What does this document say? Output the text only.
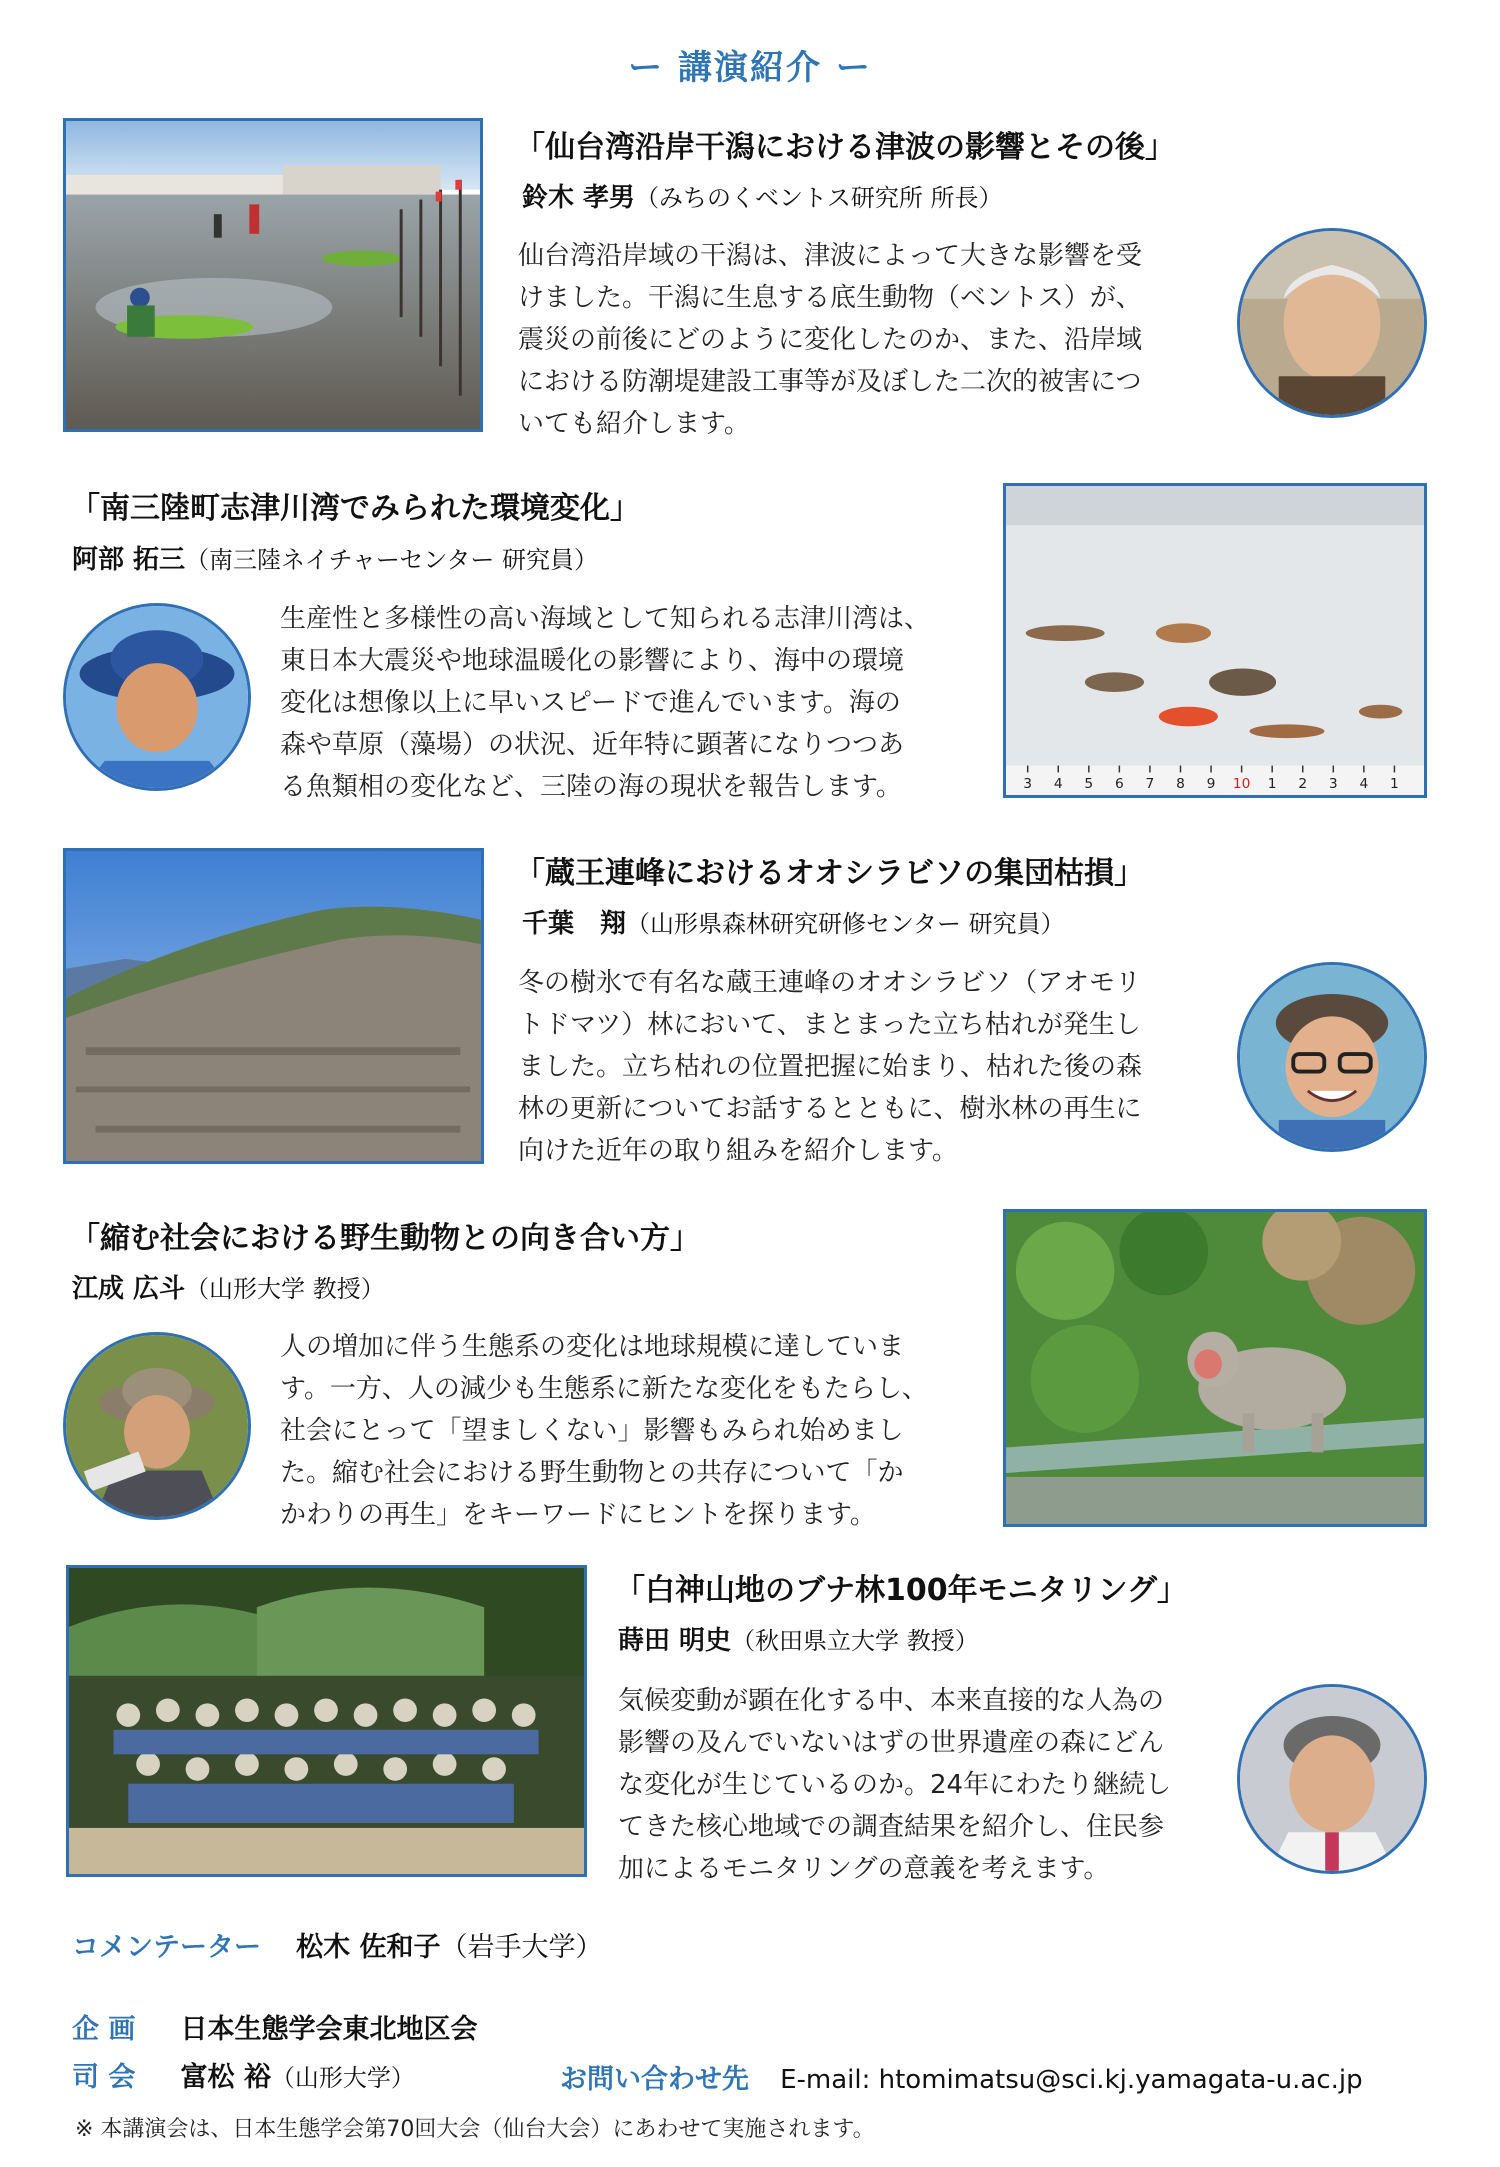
ー 講演紹介 ー
「仙台湾沿岸干潟における津波の影響とその後」
鈴木 孝男（みちのくベントス研究所 所長）
仙台湾沿岸域の干潟は、津波によって大きな影響を受
けました。干潟に生息する底生動物（ベントス）が、
震災の前後にどのように変化したのか、また、沿岸域
における防潮堤建設工事等が及ぼした二次的被害につ
いても紹介します。
「南三陸町志津川湾でみられた環境変化」
阿部 拓三（南三陸ネイチャーセンター 研究員）
生産性と多様性の高い海域として知られる志津川湾は、
東日本大震災や地球温暖化の影響により、海中の環境
変化は想像以上に早いスピードで進んでいます。海の
森や草原（藻場）の状況、近年特に顕著になりつつあ
る魚類相の変化など、三陸の海の現状を報告します。	3 4 5 6 7 8 9 10 1 2 3 4 1
「蔵王連峰におけるオオシラビソの集団枯損」
千葉　翔（山形県森林研究研修センター 研究員）
冬の樹氷で有名な蔵王連峰のオオシラビソ（アオモリ
トドマツ）林において、まとまった立ち枯れが発生し
ました。立ち枯れの位置把握に始まり、枯れた後の森
林の更新についてお話するとともに、樹氷林の再生に
向けた近年の取り組みを紹介します。
「縮む社会における野生動物との向き合い方」
江成 広斗（山形大学 教授）
人の増加に伴う生態系の変化は地球規模に達していま
す。一方、人の減少も生態系に新たな変化をもたらし、
社会にとって「望ましくない」影響もみられ始めまし
た。縮む社会における野生動物との共存について「か
かわりの再生」をキーワードにヒントを探ります。
「白神山地のブナ林100年モニタリング」
蒔田 明史（秋田県立大学 教授）
気候変動が顕在化する中、本来直接的な人為の
影響の及んでいないはずの世界遺産の森にどん
な変化が生じているのか。24年にわたり継続し
てきた核心地域での調査結果を紹介し、住民参
加によるモニタリングの意義を考えます。
コメンテーター 松木 佐和子（岩手大学）
企 画 日本生態学会東北地区会
司 会 富松 裕（山形大学）	お問い合わせ先 E-mail: htomimatsu@sci.kj.yamagata-u.ac.jp
※ 本講演会は、日本生態学会第70回大会（仙台大会）にあわせて実施されます。
